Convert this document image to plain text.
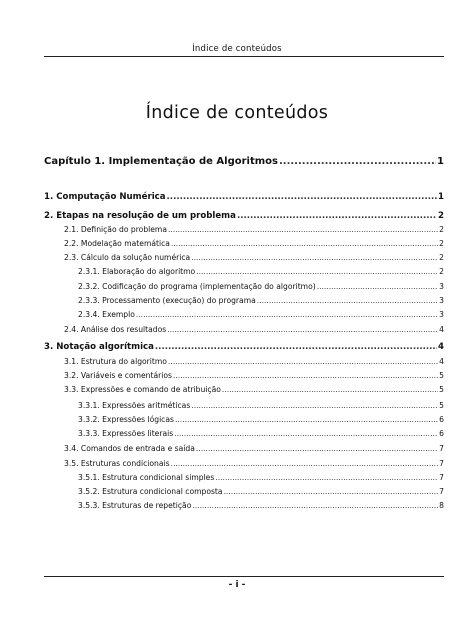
Índice de conteúdos
Índice de conteúdos
Capítulo 1. Implementação de Algoritmos .....	1
1. Computação Numérica .....	1
2. Etapas na resolução de um problema .....	2
2.1. Definição do problema .....	2
2.2. Modelação matemática .....	2
2.3. Cálculo da solução numérica .....	2
2.3.1. Elaboração do algoritmo .....	2
2.3.2. Codificação do programa (implementação do algoritmo) .....	3
2.3.3. Processamento (execução) do programa .....	3
2.3.4. Exemplo .....	3
2.4. Análise dos resultados .....	4
3. Notação algorítmica .....	4
3.1. Estrutura do algoritmo .....	4
3.2. Variáveis e comentários .....	5
3.3. Expressões e comando de atribuição .....	5
3.3.1. Expressões aritméticas .....	5
3.3.2. Expressões lógicas .....	6
3.3.3. Expressões literais .....	6
3.4. Comandos de entrada e saída .....	7
3.5. Estruturas condicionais .....	7
3.5.1. Estrutura condicional simples .....	7
3.5.2. Estrutura condicional composta .....	7
3.5.3. Estruturas de repetição .....	8
- i -
